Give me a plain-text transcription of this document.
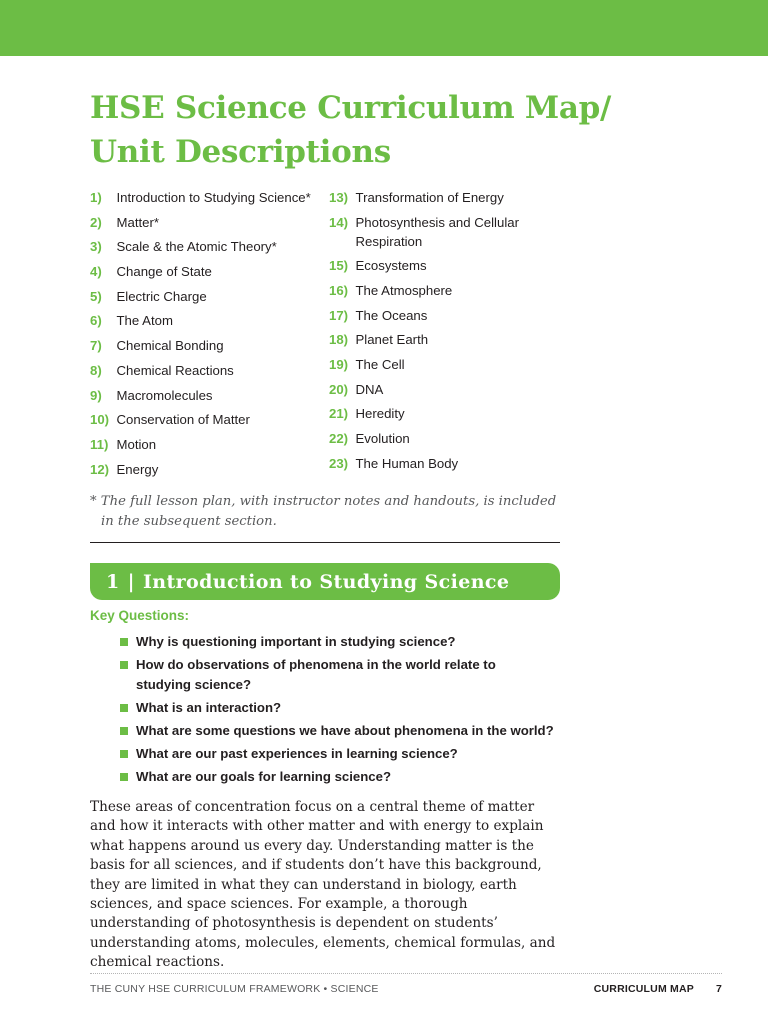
HSE Science Curriculum Map/
Unit Descriptions
1)	Introduction to Studying Science*
2)	Matter*
3)	Scale & the Atomic Theory*
4)	Change of State
5)	Electric Charge
6)	The Atom
7)	Chemical Bonding
8)	Chemical Reactions
9)	Macromolecules
10) Conservation of Matter
11) Motion
12) Energy
13) Transformation of Energy
14) Photosynthesis and Cellular Respiration
15) Ecosystems
16) The Atmosphere
17) The Oceans
18) Planet Earth
19) The Cell
20) DNA
21) Heredity
22) Evolution
23) The Human Body
* The full lesson plan, with instructor notes and handouts, is included
in the subsequent section.
1 | Introduction to Studying Science
Key Questions:
Why is questioning important in studying science?
How do observations of phenomena in the world relate to studying science?
What is an interaction?
What are some questions we have about phenomena in the world?
What are our past experiences in learning science?
What are our goals for learning science?

These areas of concentration focus on a central theme of matter and how it interacts with other matter and with energy to explain what happens around us every day. Understanding matter is the basis for all sciences, and if students don’t have this background, they are limited in what they can understand in biology, earth sciences, and space sciences. For example, a thorough understanding of photosynthesis is dependent on students’ understanding atoms, molecules, elements, chemical formulas, and chemical reactions.

THE CUNY HSE CURRICULUM FRAMEWORK • SCIENCE	CURRICULUM MAP 7
